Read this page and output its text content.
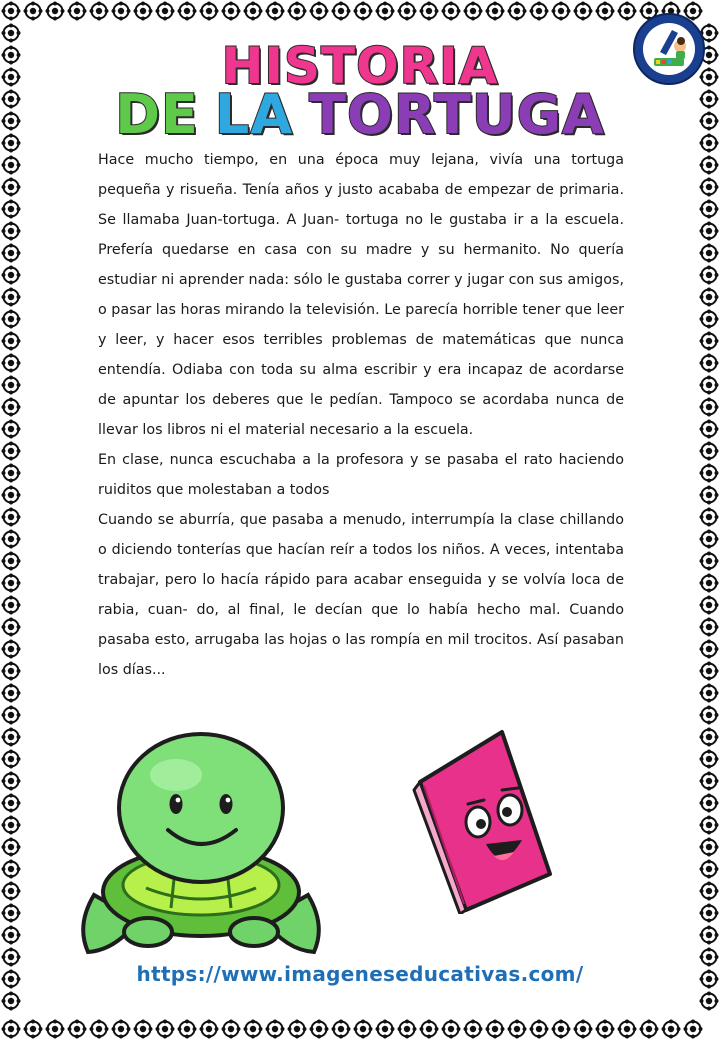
HISTORIA
DE LA TORTUGA

Hace mucho tiempo, en una época muy lejana, vivía una tortuga pequeña y risueña. Tenía años y justo acababa de empezar de primaria. Se llamaba Juan-tortuga. A Juan- tortuga no le gustaba ir a la escuela. Prefería quedarse en casa con su madre y su hermanito. No quería estudiar ni aprender nada: sólo le gustaba correr y jugar con sus amigos, o pasar las horas mirando la televisión. Le parecía horrible tener que leer y leer, y hacer esos terribles problemas de matemáticas que nunca entendía. Odiaba con toda su alma escribir y era incapaz de acordarse de apuntar los deberes que le pedían. Tampoco se acordaba nunca de llevar los libros ni el material necesario a la escuela.

En clase, nunca escuchaba a la profesora y se pasaba el rato haciendo ruiditos que molestaban a todos

Cuando se aburría, que pasaba a menudo, interrumpía la clase chillando o diciendo tonterías que hacían reír a todos los niños. A veces, intentaba trabajar, pero lo hacía rápido para acabar enseguida y se volvía loca de rabia, cuan- do, al final, le decían que lo había hecho mal. Cuando pasaba esto, arrugaba las hojas o las rompía en mil trocitos. Así pasaban los días...

https://www.imageneseducativas.com/
